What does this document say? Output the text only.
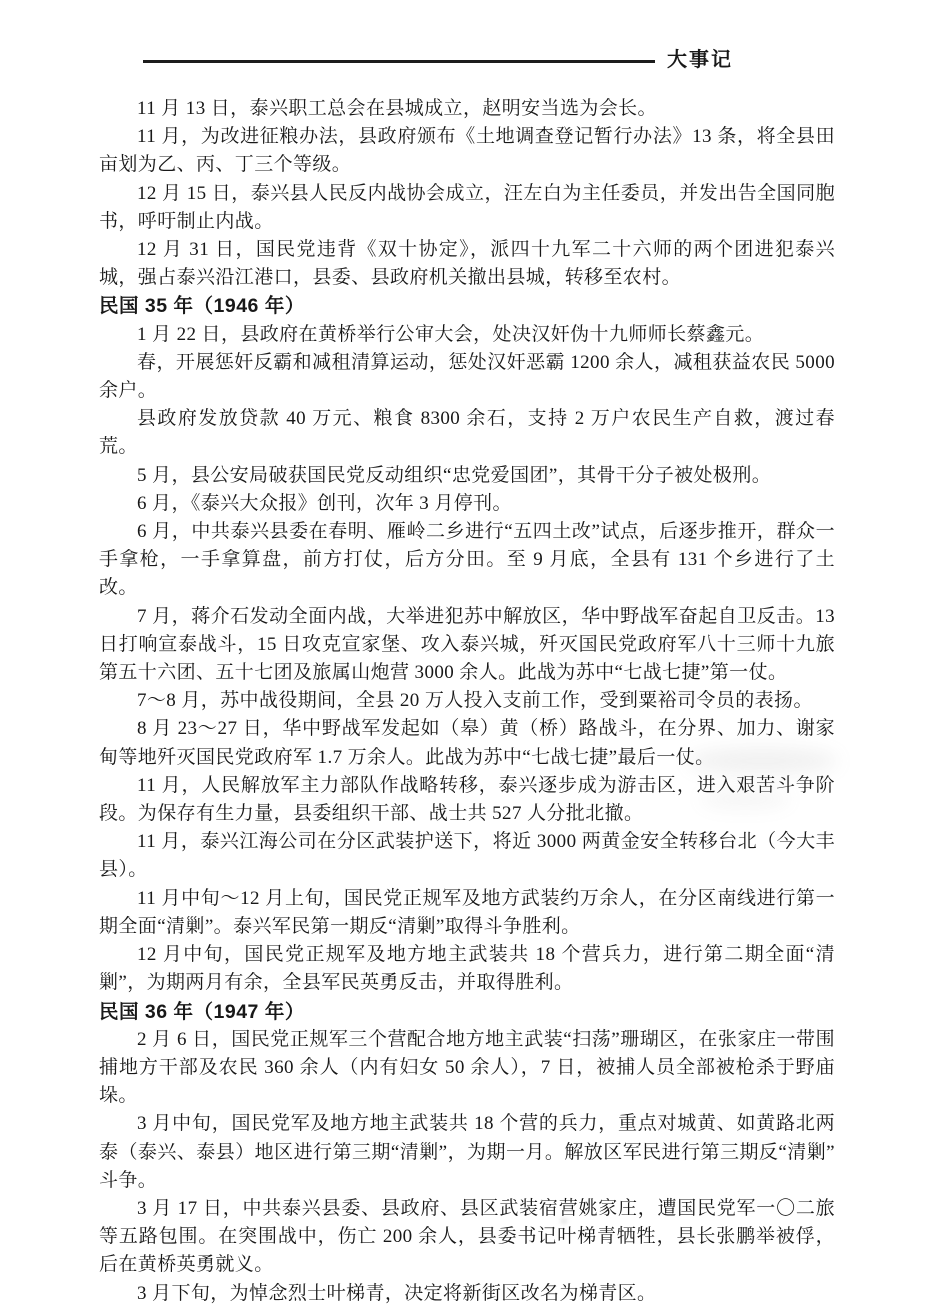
大事记

11 月 13 日，泰兴职工总会在县城成立，赵明安当选为会长。

11 月，为改进征粮办法，县政府颁布《土地调查登记暂行办法》13 条，将全县田亩划为乙、丙、丁三个等级。

12 月 15 日，泰兴县人民反内战协会成立，汪左白为主任委员，并发出告全国同胞书，呼吁制止内战。

12 月 31 日，国民党违背《双十协定》，派四十九军二十六师的两个团进犯泰兴城，强占泰兴沿江港口，县委、县政府机关撤出县城，转移至农村。

民国 35 年（1946 年）

1 月 22 日，县政府在黄桥举行公审大会，处决汉奸伪十九师师长蔡鑫元。

春，开展惩奸反霸和减租清算运动，惩处汉奸恶霸 1200 余人，减租获益农民 5000 余户。

县政府发放贷款 40 万元、粮食 8300 余石，支持 2 万户农民生产自救，渡过春荒。

5 月，县公安局破获国民党反动组织“忠党爱国团”，其骨干分子被处极刑。

6 月，《泰兴大众报》创刊，次年 3 月停刊。

6 月，中共泰兴县委在春明、雁岭二乡进行“五四土改”试点，后逐步推开，群众一手拿枪，一手拿算盘，前方打仗，后方分田。至 9 月底，全县有 131 个乡进行了土改。

7 月，蒋介石发动全面内战，大举进犯苏中解放区，华中野战军奋起自卫反击。13 日打响宣泰战斗，15 日攻克宣家堡、攻入泰兴城，歼灭国民党政府军八十三师十九旅第五十六团、五十七团及旅属山炮营 3000 余人。此战为苏中“七战七捷”第一仗。

7～8 月，苏中战役期间，全县 20 万人投入支前工作，受到粟裕司令员的表扬。

8 月 23～27 日，华中野战军发起如（皋）黄（桥）路战斗，在分界、加力、谢家甸等地歼灭国民党政府军 1.7 万余人。此战为苏中“七战七捷”最后一仗。

11 月，人民解放军主力部队作战略转移，泰兴逐步成为游击区，进入艰苦斗争阶段。为保存有生力量，县委组织干部、战士共 527 人分批北撤。

11 月，泰兴江海公司在分区武装护送下，将近 3000 两黄金安全转移台北（今大丰县）。

11 月中旬～12 月上旬，国民党正规军及地方武装约万余人，在分区南线进行第一期全面“清剿”。泰兴军民第一期反“清剿”取得斗争胜利。

12 月中旬，国民党正规军及地方地主武装共 18 个营兵力，进行第二期全面“清剿”，为期两月有余，全县军民英勇反击，并取得胜利。

民国 36 年（1947 年）

2 月 6 日，国民党正规军三个营配合地方地主武装“扫荡”珊瑚区，在张家庄一带围捕地方干部及农民 360 余人（内有妇女 50 余人），7 日，被捕人员全部被枪杀于野庙垛。

3 月中旬，国民党军及地方地主武装共 18 个营的兵力，重点对城黄、如黄路北两泰（泰兴、泰县）地区进行第三期“清剿”，为期一月。解放区军民进行第三期反“清剿”斗争。

3 月 17 日，中共泰兴县委、县政府、县区武装宿营姚家庄，遭国民党军一〇二旅等五路包围。在突围战中，伤亡 200 余人，县委书记叶梯青牺牲，县长张鹏举被俘，后在黄桥英勇就义。

3 月下旬，为悼念烈士叶梯青，决定将新街区改名为梯青区。
